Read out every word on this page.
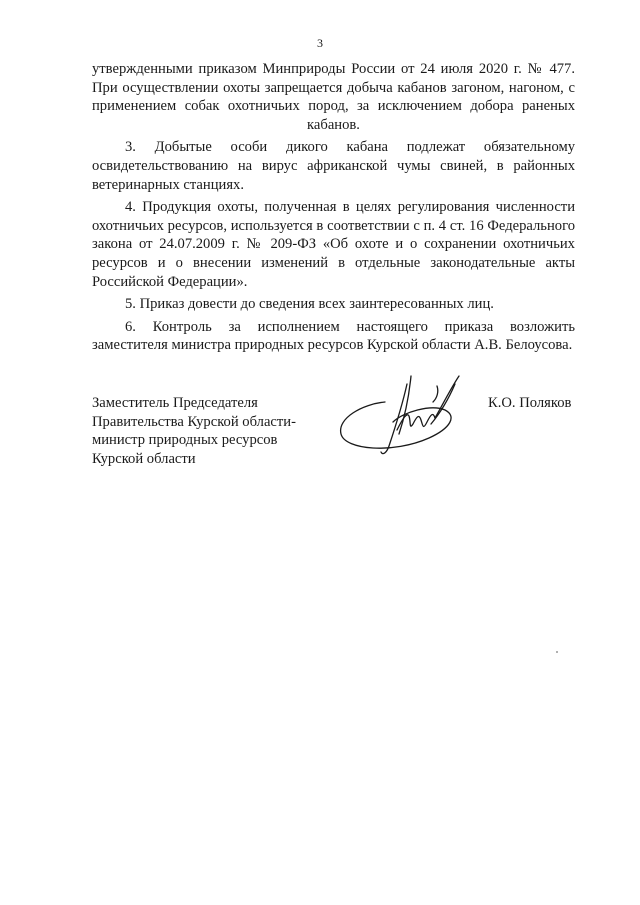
3

утвержденными приказом Минприроды России от 24 июля 2020 г. № 477. При осуществлении охоты запрещается добыча кабанов загоном, нагоном, с применением собак охотничьих пород, за исключением добора раненых кабанов.

3. Добытые особи дикого кабана подлежат обязательному освидетельствованию на вирус африканской чумы свиней, в районных ветеринарных станциях.

4. Продукция охоты, полученная в целях регулирования численности охотничьих ресурсов, используется в соответствии с п. 4 ст. 16 Федерального закона от 24.07.2009 г. № 209-ФЗ «Об охоте и о сохранении охотничьих ресурсов и о внесении изменений в отдельные законодательные акты Российской Федерации».

5. Приказ довести до сведения всех заинтересованных лиц.

6. Контроль за исполнением настоящего приказа возложить заместителя министра природных ресурсов Курской области А.В. Белоусова.

Заместитель Председателя
Правительства Курской области-
министр природных ресурсов
Курской области
К.О. Поляков
